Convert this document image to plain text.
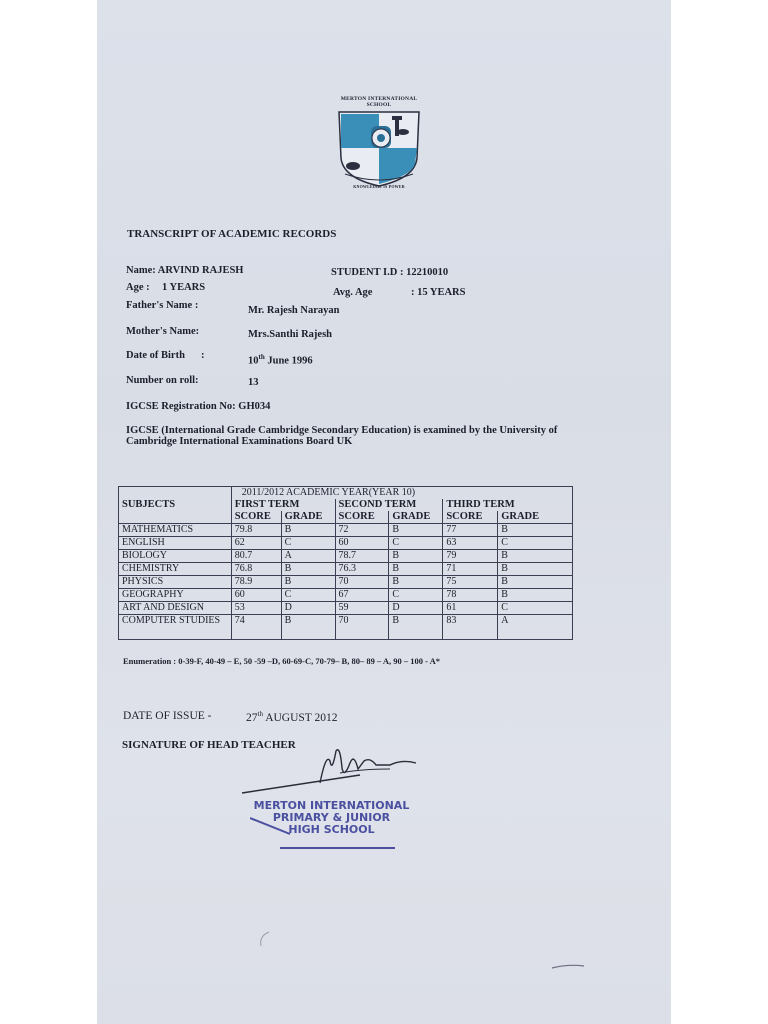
MERTON INTERNATIONAL
SCHOOL
KNOWLEDGE IS POWER
TRANSCRIPT OF ACADEMIC RECORDS
Name: ARVIND RAJESH	STUDENT I.D : 12210010
Age : 1 YEARS	Avg. Age	: 15 YEARS
Father's Name :	Mr. Rajesh Narayan
Mother's Name:	Mrs.Santhi Rajesh
Date of Birth :	10th June 1996
Number on roll:	13
IGCSE Registration No: GH034
IGCSE (International Grade Cambridge Secondary Education) is examined by the University of
Cambridge International Examinations Board UK
SUBJECTS	2011/2012 ACADEMIC YEAR(YEAR 10)					
	FIRST TERM		SECOND TERM		THIRD TERM	
	SCORE	GRADE	SCORE	GRADE	SCORE	GRADE
MATHEMATICS	79.8	B	72	B	77	B
ENGLISH	62	C	60	C	63	C
BIOLOGY	80.7	A	78.7	B	79	B
CHEMISTRY	76.8	B	76.3	B	71	B
PHYSICS	78.9	B	70	B	75	B
GEOGRAPHY	60	C	67	C	78	B
ART AND DESIGN	53	D	59	D	61	C
COMPUTER STUDIES	74	B	70	B	83	A
Enumeration : 0-39-F, 40-49 – E, 50 -59 –D, 60-69-C, 70-79– B, 80– 89 – A, 90 – 100 - A*
DATE OF ISSUE -	27th AUGUST 2012
SIGNATURE OF HEAD TEACHER
MERTON INTERNATIONAL
PRIMARY & JUNIOR
HIGH SCHOOL
